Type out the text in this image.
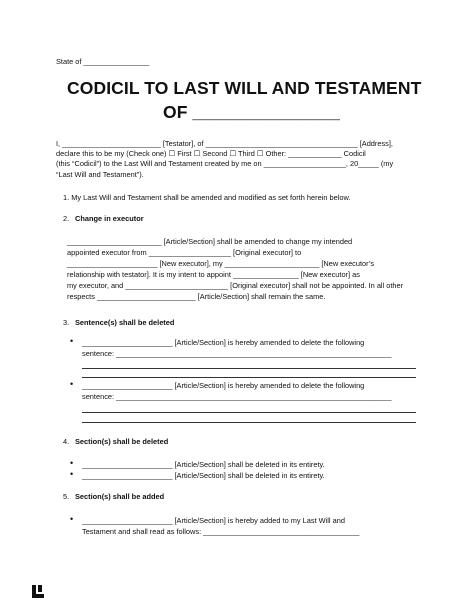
State of ________________
CODICIL TO LAST WILL AND TESTAMENT
OF _______________
I, ________________________ [Testator], of _____________________________________ [Address],
declare this to be my (Check one) ☐ First ☐ Second ☐ Third ☐ Other: _____________ Codicil
(this “Codicil”) to the Last Will and Testament created by me on ____________________, 20_____ (my
“Last Will and Testament”).
1. My Last Will and Testament shall be amended and modified as set forth herein below.
2. Change in executor
_______________________ [Article/Section] shall be amended to change my intended
appointed executor from ____________________ [Original executor] to
______________________ [New executor], my _______________________ [New executor’s
relationship with testator]. It is my intent to appoint ________________ [New executor] as
my executor, and _________________________ [Original executor] shall not be appointed. In all other
respects ________________________ [Article/Section] shall remain the same.
3. Sentence(s) shall be deleted
• ______________________ [Article/Section] is hereby amended to delete the following
sentence: ___________________________________________________________________
• ______________________ [Article/Section] is hereby amended to delete the following
sentence: ___________________________________________________________________
4. Section(s) shall be deleted
• ______________________ [Article/Section] shall be deleted in its entirety.
• ______________________ [Article/Section] shall be deleted in its entirety.
5. Section(s) shall be added
• ______________________ [Article/Section] is hereby added to my Last Will and
Testament and shall read as follows: ______________________________________
